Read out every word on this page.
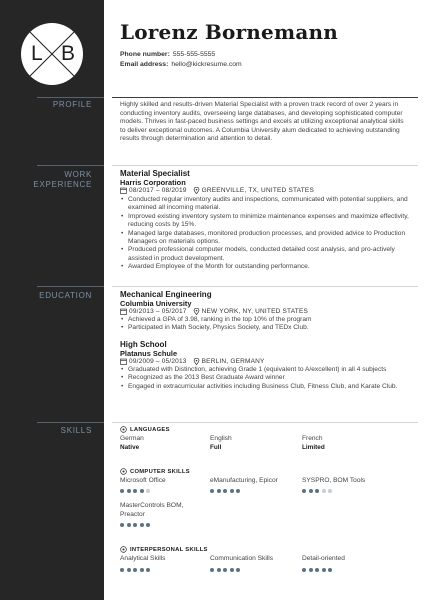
L B
PROFILE
WORK
EXPERIENCE
EDUCATION
SKILLS
Lorenz Bornemann
Phone number: 555-555-5555
Email address: hello@kickresume.com
Highly skilled and results-driven Material Specialist with a proven track record of over 2 years in conducting inventory audits, overseeing large databases, and developing sophisticated computer models. Thrives in fast-paced business settings and excels at utilizing exceptional analytical skills to deliver exceptional outcomes. A Columbia University alum dedicated to achieving outstanding results through determination and attention to detail.
Material Specialist
Harris Corporation
08/2017 – 08/2019 GREENVILLE, TX, UNITED STATES
• Conducted regular inventory audits and inspections, communicated with potential suppliers, and examined all incoming material.
• Improved existing inventory system to minimize maintenance expenses and maximize effectivity, reducing costs by 15%.
• Managed large databases, monitored production processes, and provided advice to Production Managers on materials options.
• Produced professional computer models, conducted detailed cost analysis, and pro-actively assisted in product development.
• Awarded Employee of the Month for outstanding performance.
Mechanical Engineering
Columbia University
09/2013 – 05/2017 NEW YORK, NY, UNITED STATES
• Achieved a GPA of 3.98, ranking in the top 10% of the program
• Participated in Math Society, Physics Society, and TEDx Club.
High School
Platanus Schule
09/2009 – 05/2013 BERLIN, GERMANY
• Graduated with Distinction, achieving Grade 1 (equivalent to A/excellent) in all 4 subjects
• Recognized as the 2013 Best Graduate Award winner
• Engaged in extracurricular activities including Business Club, Fitness Club, and Karate Club.
LANGUAGES
German
Native
English
Full
French
Limited
COMPUTER SKILLS
Microsoft Office	eManufacturing, Epicor	SYSPRO, BOM Tools
MasterControls BOM, Preactor
INTERPERSONAL SKILLS
Analytical Skills	Communication Skills	Detail-oriented
